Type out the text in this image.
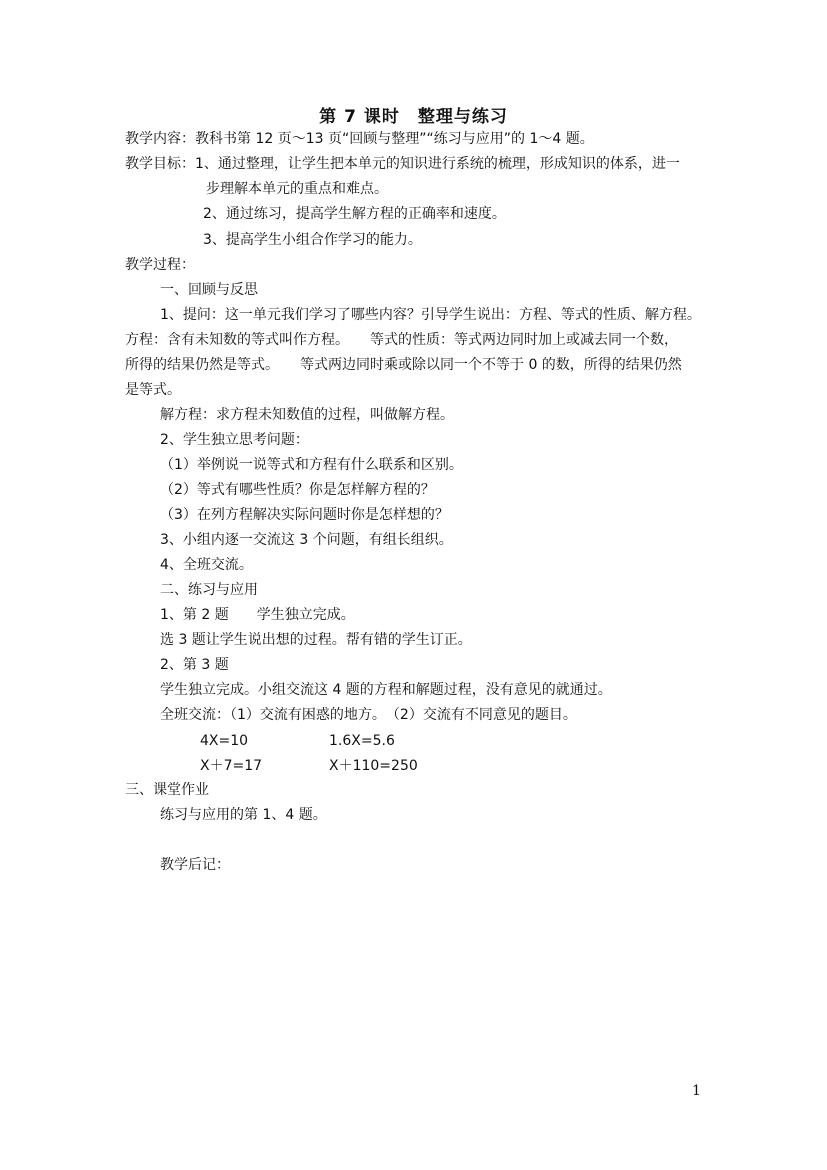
第 7 课时　整理与练习
教学内容：教科书第 12 页～13 页“回顾与整理”“练习与应用”的 1～4 题。
教学目标：1、通过整理，让学生把本单元的知识进行系统的梳理，形成知识的体系，进一
步理解本单元的重点和难点。
2、通过练习，提高学生解方程的正确率和速度。
3、提高学生小组合作学习的能力。
教学过程：
一、回顾与反思
1、提问：这一单元我们学习了哪些内容？引导学生说出：方程、等式的性质、解方程。
方程：含有未知数的等式叫作方程。　　等式的性质：等式两边同时加上或减去同一个数，
所得的结果仍然是等式。　　等式两边同时乘或除以同一个不等于 0 的数，所得的结果仍然
是等式。
解方程：求方程未知数值的过程，叫做解方程。
2、学生独立思考问题：
（1）举例说一说等式和方程有什么联系和区别。
（2）等式有哪些性质？你是怎样解方程的？
（3）在列方程解决实际问题时你是怎样想的？
3、小组内逐一交流这 3 个问题，有组长组织。
4、全班交流。
二、练习与应用
1、第 2 题　　学生独立完成。
选 3 题让学生说出想的过程。帮有错的学生订正。
2、第 3 题
学生独立完成。小组交流这 4 题的方程和解题过程，没有意见的就通过。
全班交流：（1）交流有困惑的地方。　（2）交流有不同意见的题目。
4X=10	1.6X=5.6
X＋7=17	X＋110=250
三、课堂作业
练习与应用的第 1、4 题。
教学后记：
1
